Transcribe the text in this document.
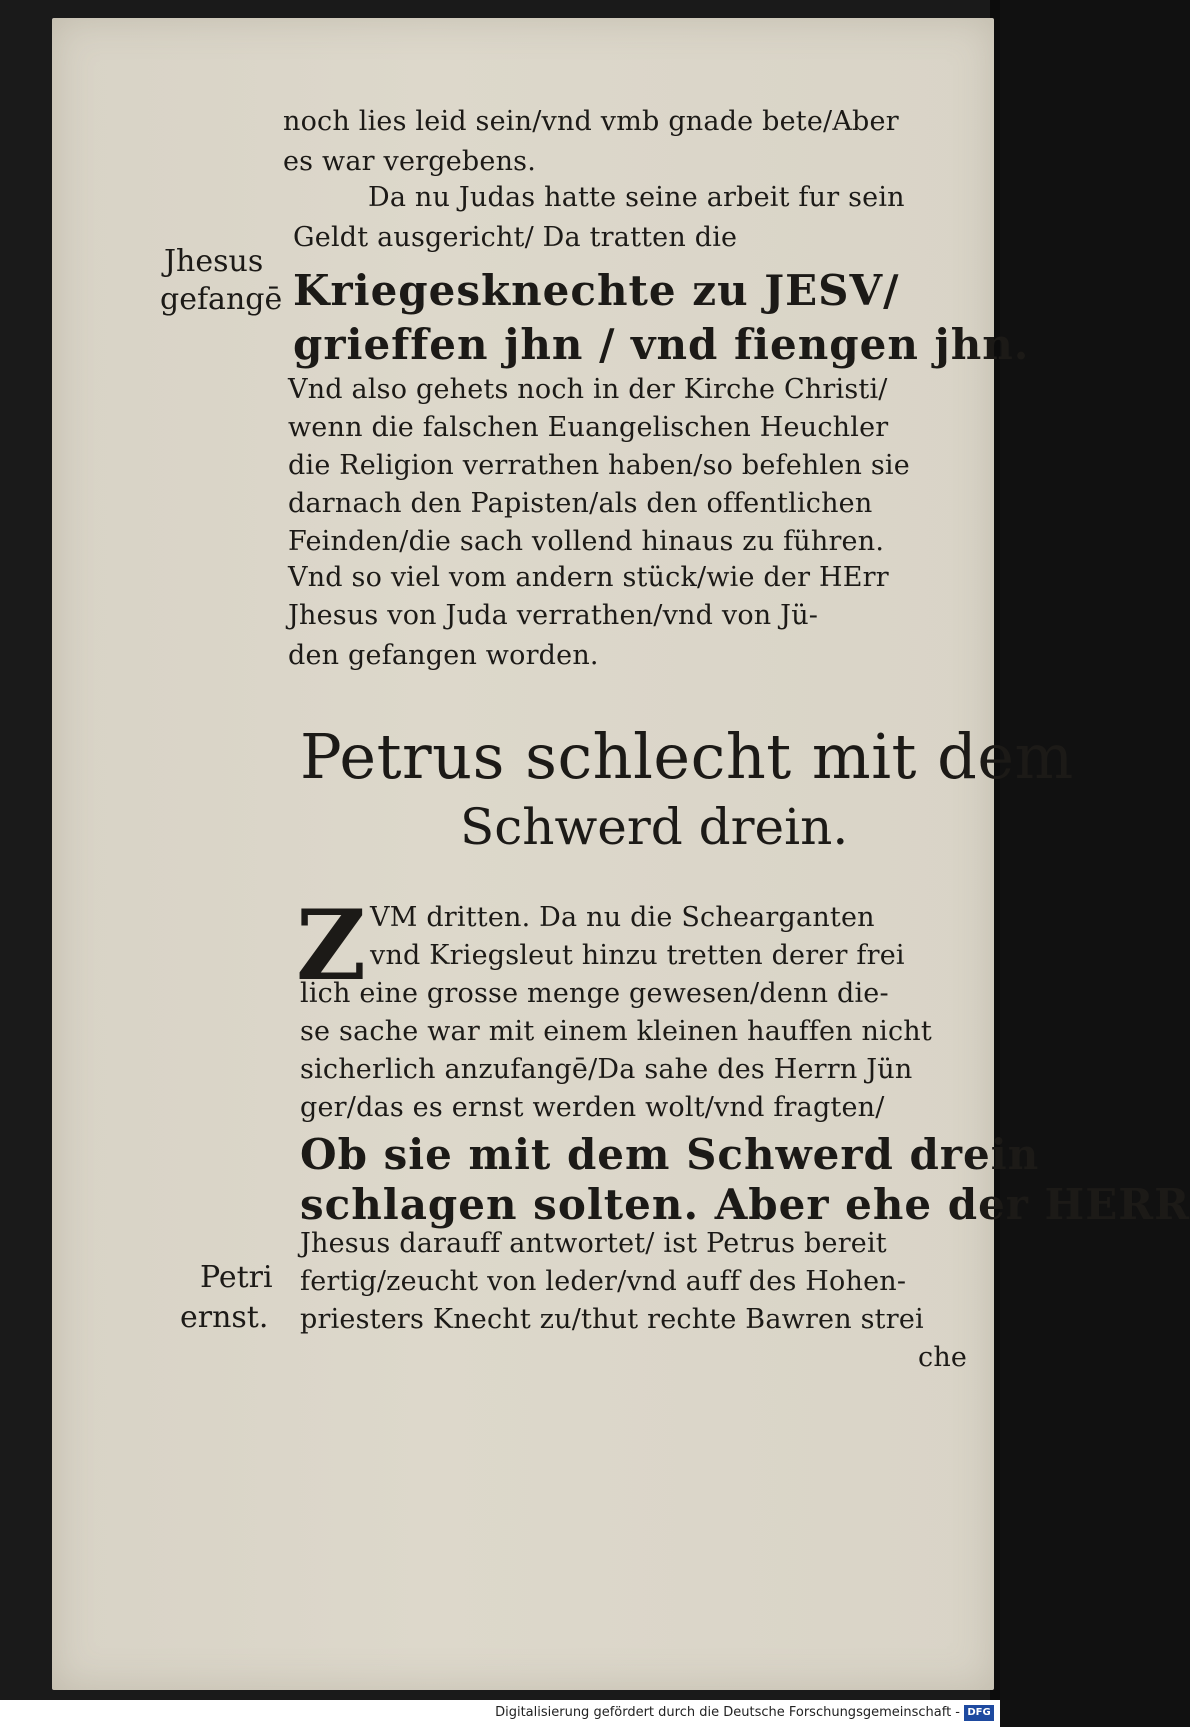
noch lies leid sein/vnd vmb gnade bete/Aber
es war vergebens.
Da nu Judas hatte seine arbeit fur sein
Geldt ausgericht/ Da tratten die
Kriegesknechte zu JESV/
grieffen jhn / vnd fiengen jhn.
Vnd also gehets noch in der Kirche Christi/
wenn die falschen Euangelischen Heuchler
die Religion verrathen haben/so befehlen sie
darnach den Papisten/als den offentlichen
Feinden/die sach vollend hinaus zu führen.
Vnd so viel vom andern stück/wie der HErr
Jhesus von Juda verrathen/vnd von Jü-
den gefangen worden.
Jhesus
gefangē
Petri
ernst.
Petrus schlecht mit dem
Schwerd drein.
Z VM dritten. Da nu die Schearganten
vnd Kriegsleut hinzu tretten derer frei
lich eine grosse menge gewesen/denn die-
se sache war mit einem kleinen hauffen nicht
sicherlich anzufangē/Da sahe des Herrn Jün
ger/das es ernst werden wolt/vnd fragten/
Ob sie mit dem Schwerd drein
schlagen solten. Aber ehe der HERR
Jhesus darauff antwortet/ ist Petrus bereit
fertig/zeucht von leder/vnd auff des Hohen-
priesters Knecht zu/thut rechte Bawren strei
che
Digitalisierung gefördert durch die Deutsche Forschungsgemeinschaft - DFG
